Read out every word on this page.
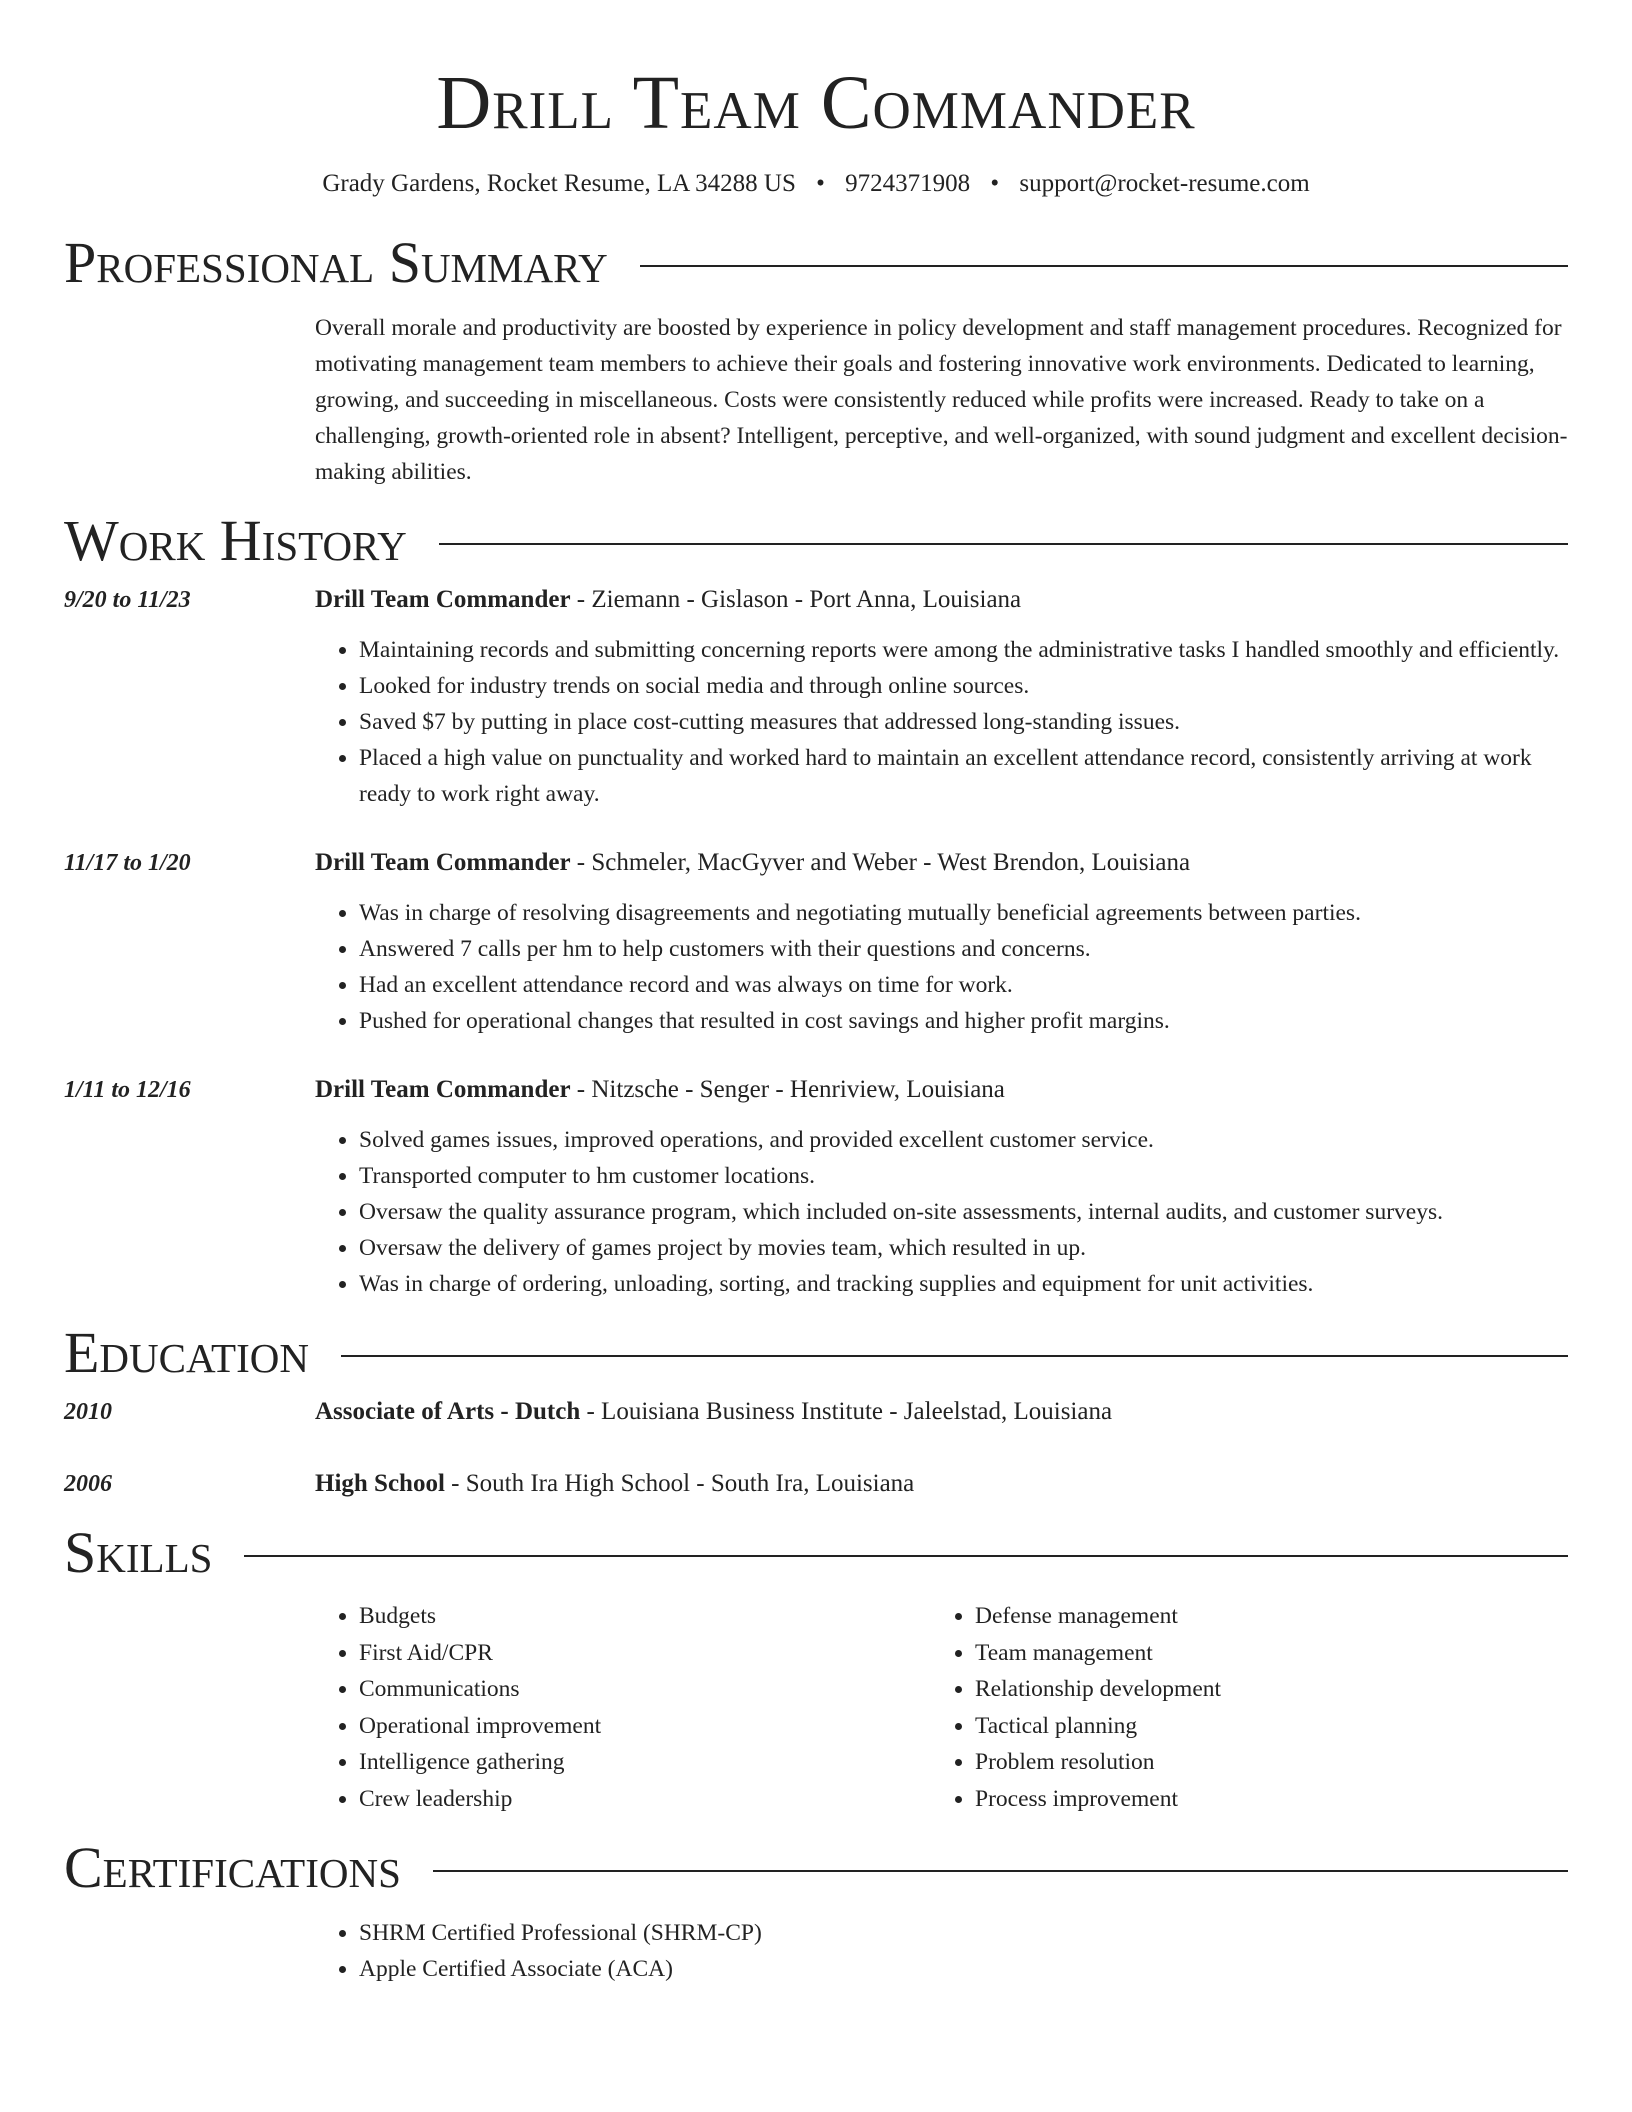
Drill Team Commander
Grady Gardens, Rocket Resume, LA 34288 US • 9724371908 • support@rocket-resume.com
Professional Summary
Overall morale and productivity are boosted by experience in policy development and staff management procedures. Recognized for motivating management team members to achieve their goals and fostering innovative work environments. Dedicated to learning, growing, and succeeding in miscellaneous. Costs were consistently reduced while profits were increased. Ready to take on a challenging, growth-oriented role in absent? Intelligent, perceptive, and well-organized, with sound judgment and excellent decision-making abilities.
Work History
9/20 to 11/23	Drill Team Commander - Ziemann - Gislason - Port Anna, Louisiana
• Maintaining records and submitting concerning reports were among the administrative tasks I handled smoothly and efficiently.
• Looked for industry trends on social media and through online sources.
• Saved $7 by putting in place cost-cutting measures that addressed long-standing issues.
• Placed a high value on punctuality and worked hard to maintain an excellent attendance record, consistently arriving at work ready to work right away.
11/17 to 1/20	Drill Team Commander - Schmeler, MacGyver and Weber - West Brendon, Louisiana
• Was in charge of resolving disagreements and negotiating mutually beneficial agreements between parties.
• Answered 7 calls per hm to help customers with their questions and concerns.
• Had an excellent attendance record and was always on time for work.
• Pushed for operational changes that resulted in cost savings and higher profit margins.
1/11 to 12/16	Drill Team Commander - Nitzsche - Senger - Henriview, Louisiana
• Solved games issues, improved operations, and provided excellent customer service.
• Transported computer to hm customer locations.
• Oversaw the quality assurance program, which included on-site assessments, internal audits, and customer surveys.
• Oversaw the delivery of games project by movies team, which resulted in up.
• Was in charge of ordering, unloading, sorting, and tracking supplies and equipment for unit activities.
Education
2010	Associate of Arts - Dutch - Louisiana Business Institute - Jaleelstad, Louisiana
2006	High School - South Ira High School - South Ira, Louisiana
Skills
• Budgets
• First Aid/CPR
• Communications
• Operational improvement
• Intelligence gathering
• Crew leadership
• Defense management
• Team management
• Relationship development
• Tactical planning
• Problem resolution
• Process improvement
Certifications
• SHRM Certified Professional (SHRM-CP)
• Apple Certified Associate (ACA)
